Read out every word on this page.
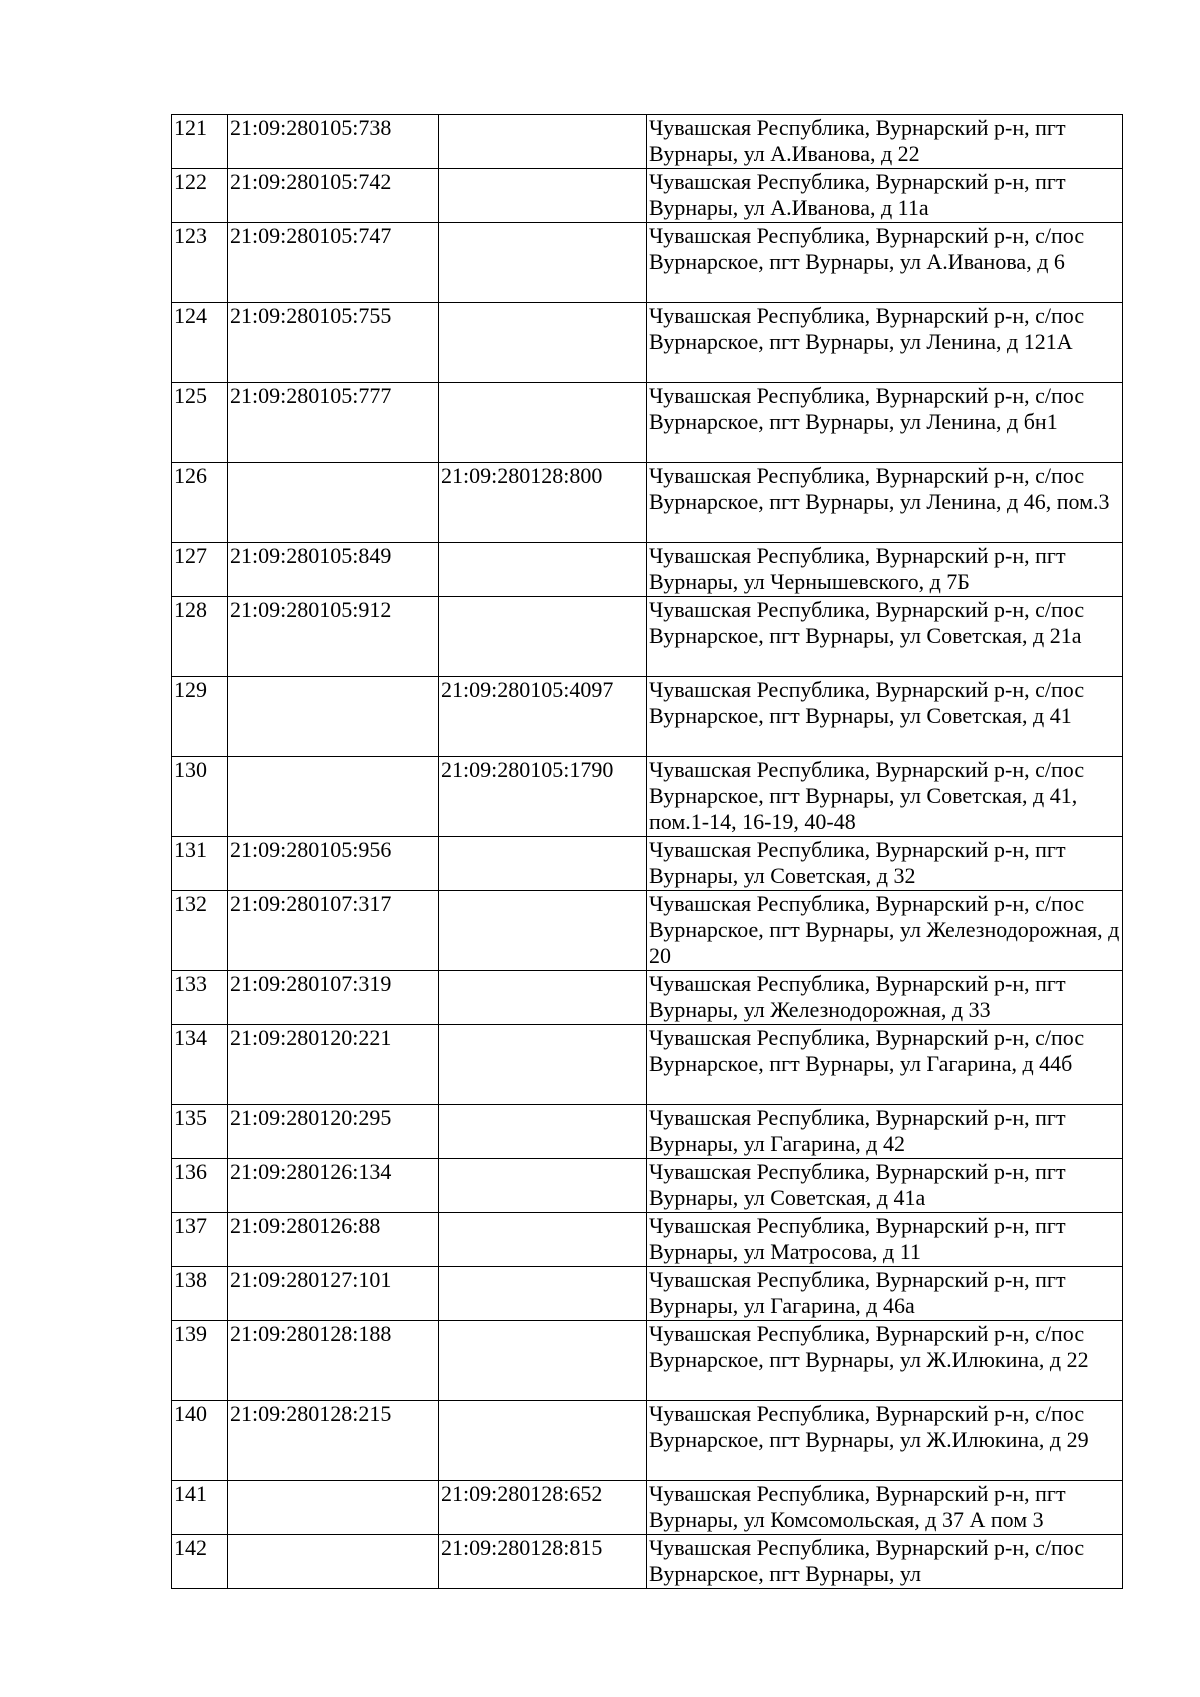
121	21:09:280105:738		Чувашская Республика, Вурнарский р-н, пгт Вурнары, ул А.Иванова, д 22
122	21:09:280105:742		Чувашская Республика, Вурнарский р-н, пгт Вурнары, ул А.Иванова, д 11а
123	21:09:280105:747		Чувашская Республика, Вурнарский р-н, с/пос Вурнарское, пгт Вурнары, ул А.Иванова, д 6
124	21:09:280105:755		Чувашская Республика, Вурнарский р-н, с/пос Вурнарское, пгт Вурнары, ул Ленина, д 121А
125	21:09:280105:777		Чувашская Республика, Вурнарский р-н, с/пос Вурнарское, пгт Вурнары, ул Ленина, д бн1
126		21:09:280128:800	Чувашская Республика, Вурнарский р-н, с/пос Вурнарское, пгт Вурнары, ул Ленина, д 46, пом.3
127	21:09:280105:849		Чувашская Республика, Вурнарский р-н, пгт Вурнары, ул Чернышевского, д 7Б
128	21:09:280105:912		Чувашская Республика, Вурнарский р-н, с/пос Вурнарское, пгт Вурнары, ул Советская, д 21а
129		21:09:280105:4097	Чувашская Республика, Вурнарский р-н, с/пос Вурнарское, пгт Вурнары, ул Советская, д 41
130		21:09:280105:1790	Чувашская Республика, Вурнарский р-н, с/пос Вурнарское, пгт Вурнары, ул Советская, д 41, пом.1-14, 16-19, 40-48
131	21:09:280105:956		Чувашская Республика, Вурнарский р-н, пгт Вурнары, ул Советская, д 32
132	21:09:280107:317		Чувашская Республика, Вурнарский р-н, с/пос Вурнарское, пгт Вурнары, ул Железнодорожная, д 20
133	21:09:280107:319		Чувашская Республика, Вурнарский р-н, пгт Вурнары, ул Железнодорожная, д 33
134	21:09:280120:221		Чувашская Республика, Вурнарский р-н, с/пос Вурнарское, пгт Вурнары, ул Гагарина, д 44б
135	21:09:280120:295		Чувашская Республика, Вурнарский р-н, пгт Вурнары, ул Гагарина, д 42
136	21:09:280126:134		Чувашская Республика, Вурнарский р-н, пгт Вурнары, ул Советская, д 41а
137	21:09:280126:88		Чувашская Республика, Вурнарский р-н, пгт Вурнары, ул Матросова, д 11
138	21:09:280127:101		Чувашская Республика, Вурнарский р-н, пгт Вурнары, ул Гагарина, д 46а
139	21:09:280128:188		Чувашская Республика, Вурнарский р-н, с/пос Вурнарское, пгт Вурнары, ул Ж.Илюкина, д 22
140	21:09:280128:215		Чувашская Республика, Вурнарский р-н, с/пос Вурнарское, пгт Вурнары, ул Ж.Илюкина, д 29
141		21:09:280128:652	Чувашская Республика, Вурнарский р-н, пгт Вурнары, ул Комсомольская, д 37 А пом 3
142		21:09:280128:815	Чувашская Республика, Вурнарский р-н, с/пос Вурнарское, пгт Вурнары, ул
